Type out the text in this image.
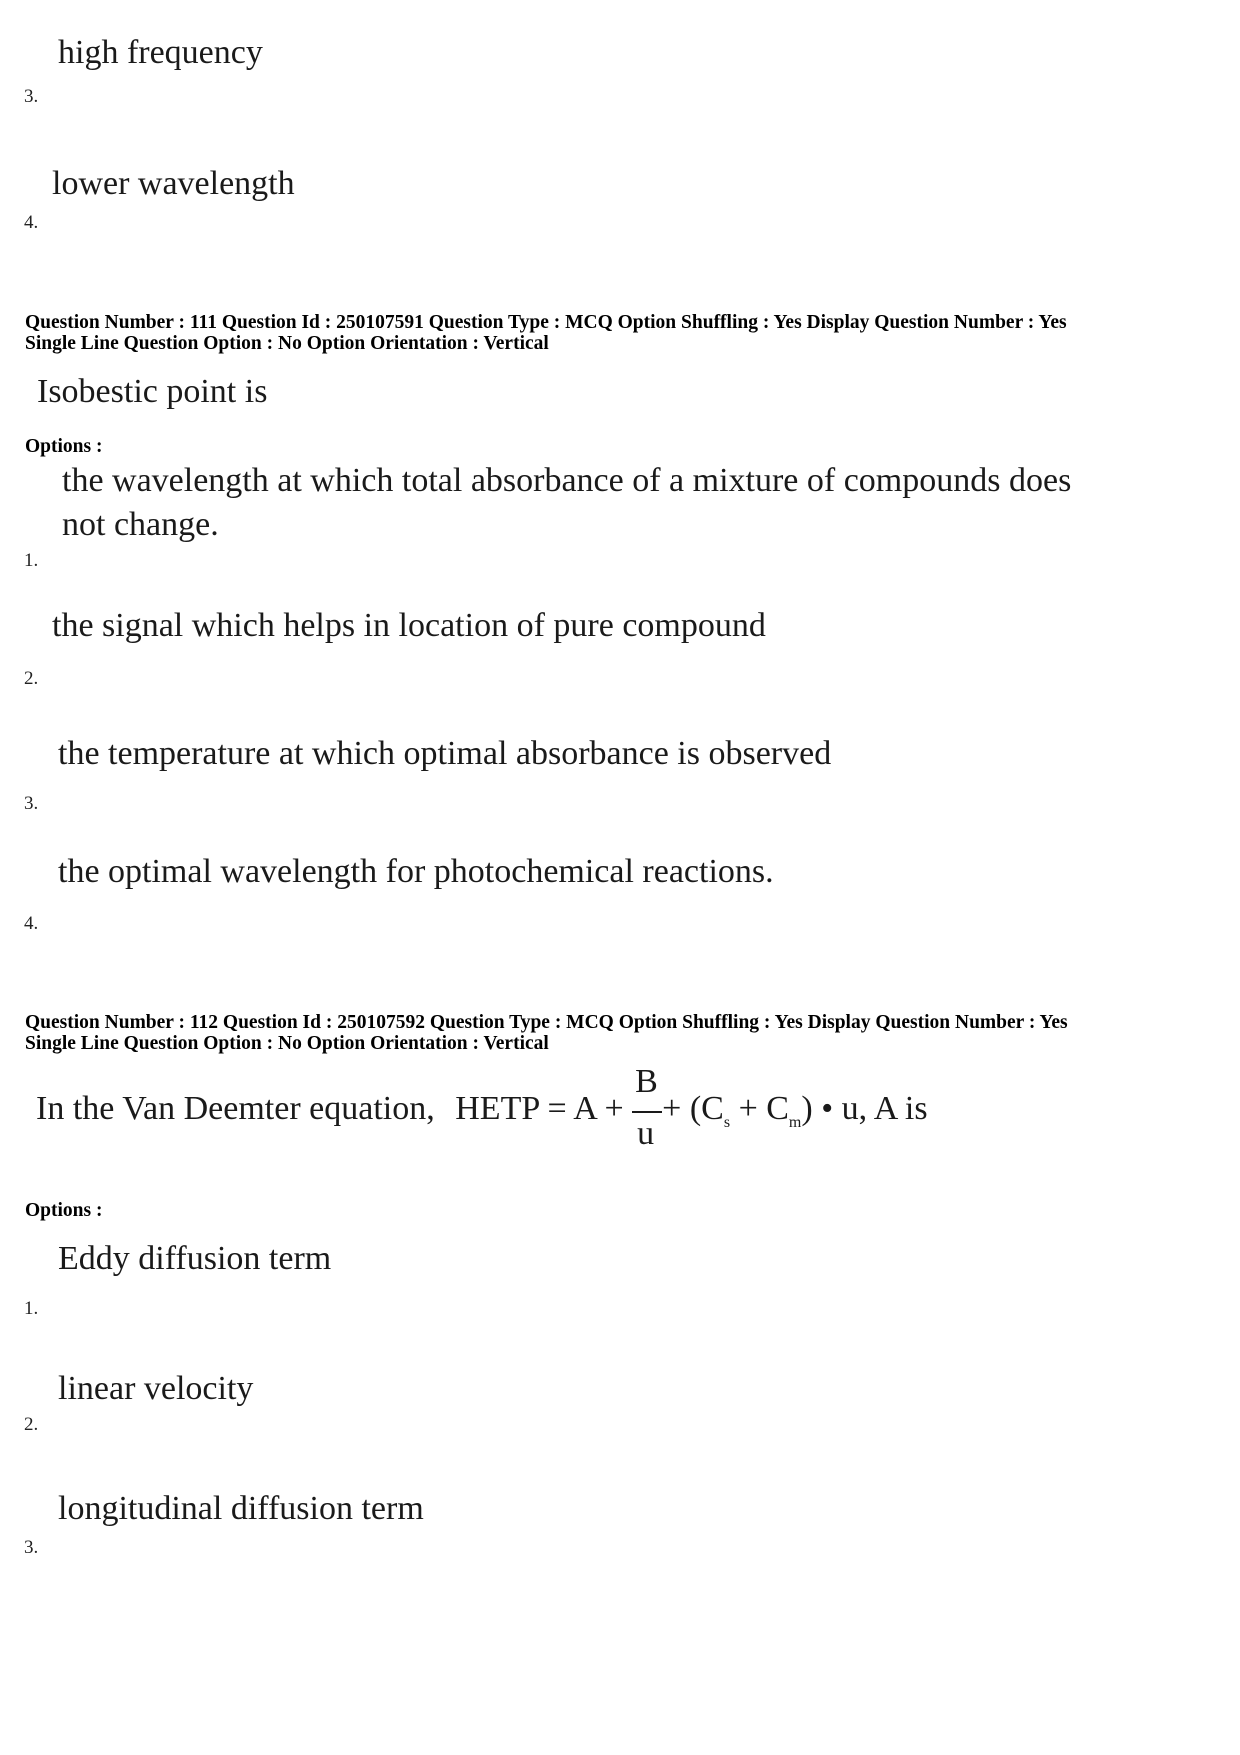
high frequency
3.
lower wavelength
4.
Question Number : 111 Question Id : 250107591 Question Type : MCQ Option Shuffling : Yes Display Question Number : Yes
Single Line Question Option : No Option Orientation : Vertical
Isobestic point is
Options :
the wavelength at which total absorbance of a mixture of compounds does not change.
1.
the signal which helps in location of pure compound
2.
the temperature at which optimal absorbance is observed
3.
the optimal wavelength for photochemical reactions.
4.
Question Number : 112 Question Id : 250107592 Question Type : MCQ Option Shuffling : Yes Display Question Number : Yes
Single Line Question Option : No Option Orientation : Vertical
In the Van Deemter equation, HETP = $A + \frac{B}{u} + (C_s + C_m)$ • u, A is
Options :
Eddy diffusion term
1.
linear velocity
2.
longitudinal diffusion term
3.
